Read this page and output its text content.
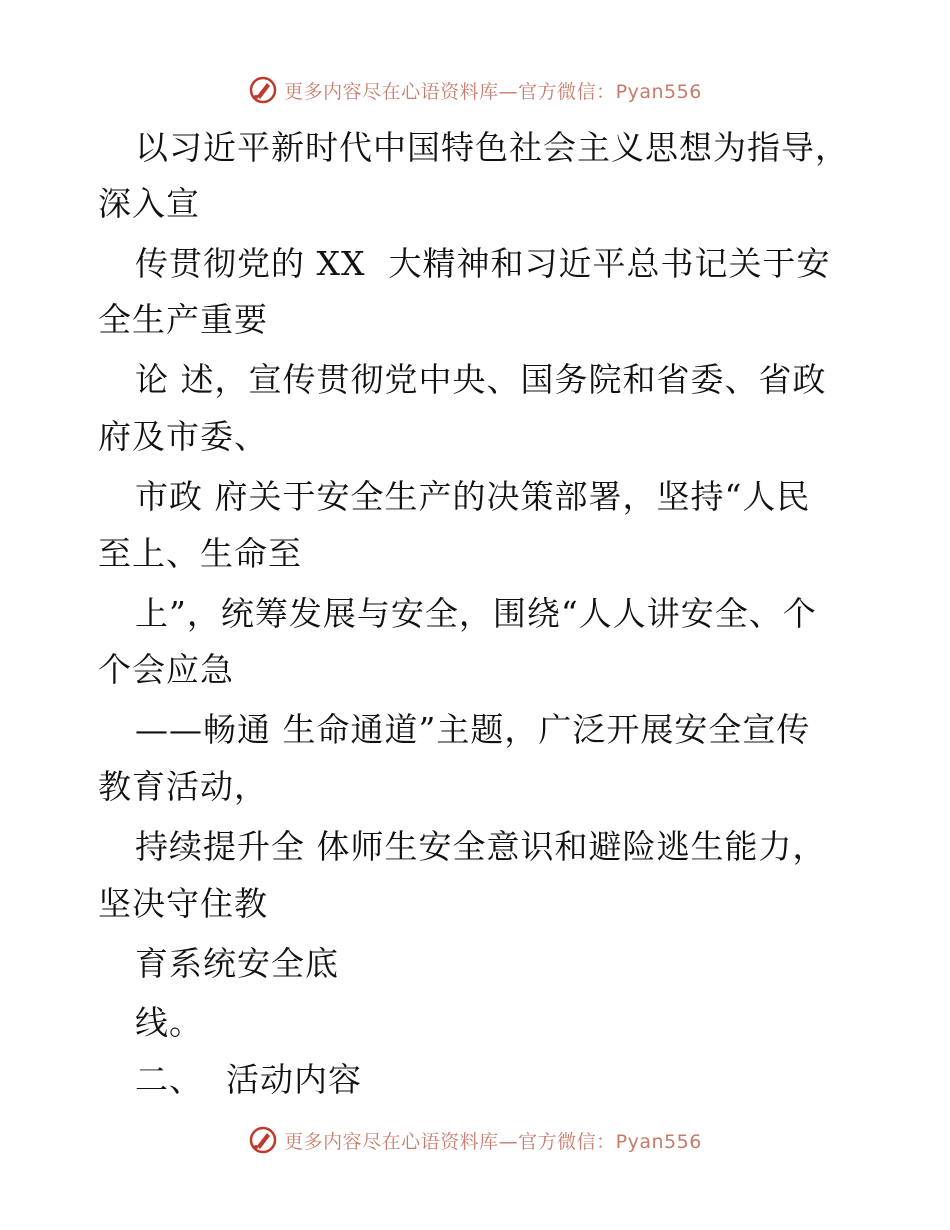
更多内容尽在心语资料库—官方微信：Pyan556
以习近平新时代中国特色社会主义思想为指导，
深入宣
传贯彻党的 XX  大精神和习近平总书记关于安
全生产重要
论 述，宣传贯彻党中央、国务院和省委、省政
府及市委、
市政 府关于安全生产的决策部署，坚持“人民
至上、生命至
上”，统筹发展与安全，围绕“人人讲安全、个
个会应急
——畅通 生命通道”主题，广泛开展安全宣传
教育活动，
持续提升全 体师生安全意识和避险逃生能力，
坚决守住教
育系统安全底
线。
二、  活动内容
更多内容尽在心语资料库—官方微信：Pyan556
